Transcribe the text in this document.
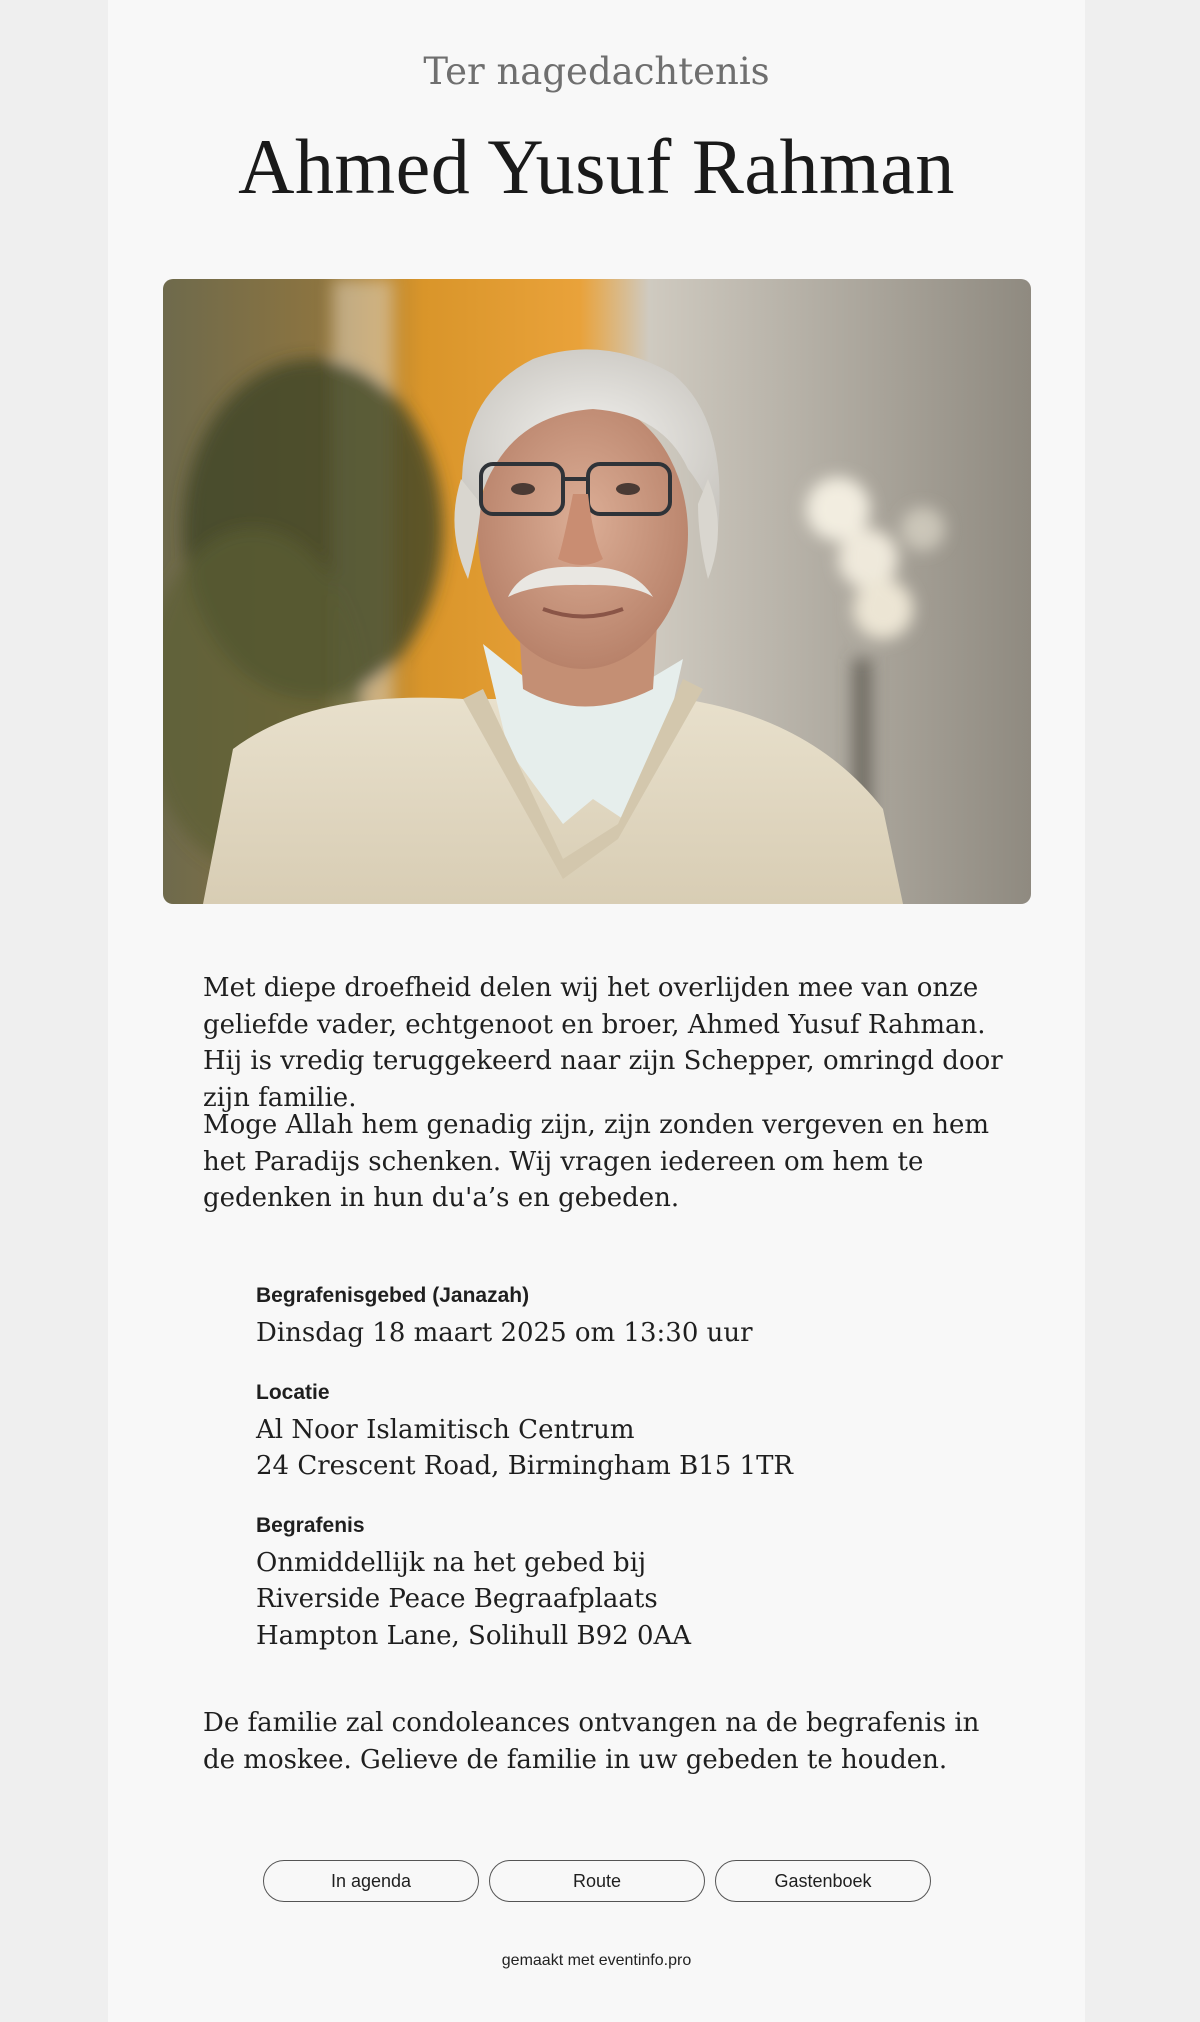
Ter nagedachtenis
Ahmed Yusuf Rahman
Met diepe droefheid delen wij het overlijden mee van onze geliefde vader, echtgenoot en broer, Ahmed Yusuf Rahman. Hij is vredig teruggekeerd naar zijn Schepper, omringd door zijn familie.
Moge Allah hem genadig zijn, zijn zonden vergeven en hem het Paradijs schenken. Wij vragen iedereen om hem te gedenken in hun du'a’s en gebeden.
Begrafenisgebed (Janazah)
Dinsdag 18 maart 2025 om 13:30 uur
Locatie
Al Noor Islamitisch Centrum
24 Crescent Road, Birmingham B15 1TR
Begrafenis
Onmiddellijk na het gebed bij
Riverside Peace Begraafplaats
Hampton Lane, Solihull B92 0AA
De familie zal condoleances ontvangen na de begrafenis in de moskee. Gelieve de familie in uw gebeden te houden.
In agenda	Route	Gastenboek
gemaakt met eventinfo.pro
